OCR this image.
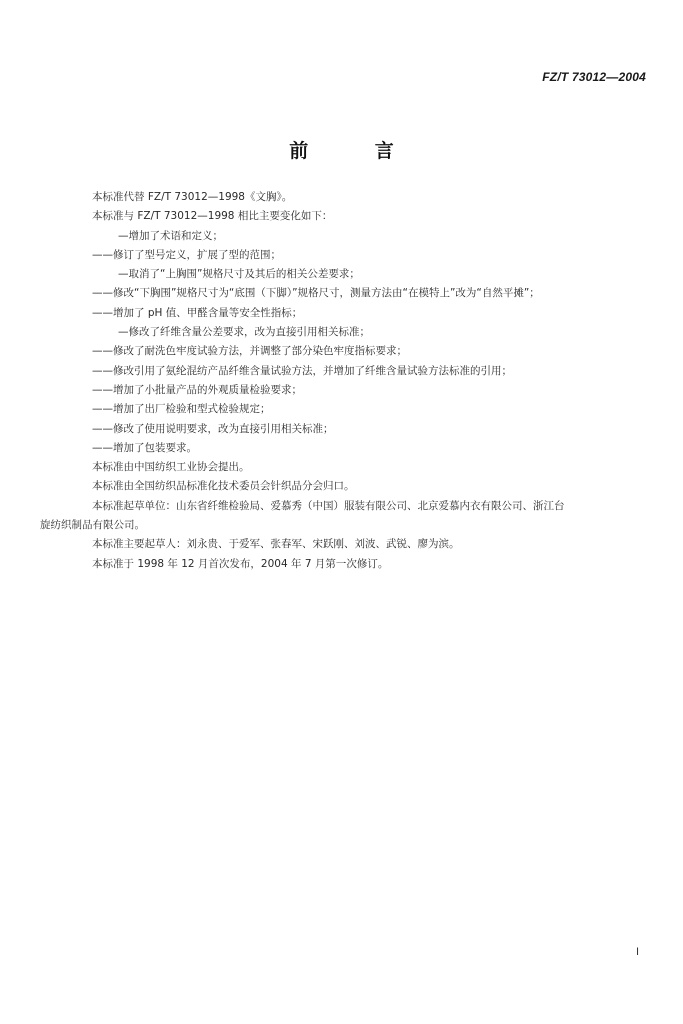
FZ/T 73012—2004
前 言

本标准代替 FZ/T 73012—1998《文胸》。

本标准与 FZ/T 73012—1998 相比主要变化如下：

—增加了术语和定义；

——修订了型号定义，扩展了型的范围；

—取消了“上胸围”规格尺寸及其后的相关公差要求；

——修改“下胸围”规格尺寸为“底围（下脚）”规格尺寸，测量方法由“在模特上”改为“自然平摊”；

——增加了 pH 值、甲醛含量等安全性指标；

—修改了纤维含量公差要求，改为直接引用相关标准；

——修改了耐洗色牢度试验方法，并调整了部分染色牢度指标要求；

——修改引用了氨纶混纺产品纤维含量试验方法，并增加了纤维含量试验方法标准的引用；

——增加了小批量产品的外观质量检验要求；

——增加了出厂检验和型式检验规定；

——修改了使用说明要求，改为直接引用相关标准；

——增加了包装要求。

本标准由中国纺织工业协会提出。

本标准由全国纺织品标准化技术委员会针织品分会归口。

本标准起草单位：山东省纤维检验局、爱慕秀（中国）服装有限公司、北京爱慕内衣有限公司、浙江台

旋纺织制品有限公司。

本标准主要起草人：刘永贵、于爱军、张春军、宋跃刚、刘波、武锐、廖为滨。

本标准于 1998 年 12 月首次发布，2004 年 7 月第一次修订。

I
